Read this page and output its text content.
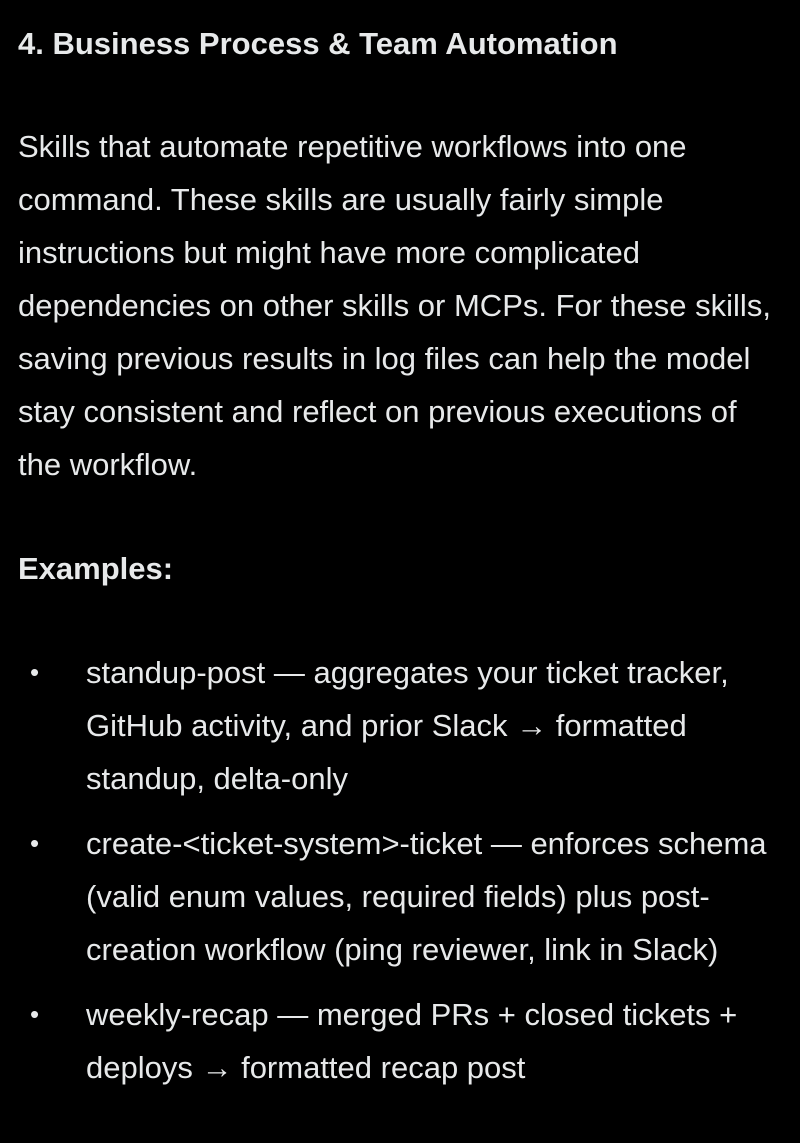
4. Business Process & Team Automation

Skills that automate repetitive workflows into one command. These skills are usually fairly simple instructions but might have more complicated dependencies on other skills or MCPs. For these skills, saving previous results in log files can help the model stay consistent and reflect on previous executions of the workflow.

Examples:

• standup-post — aggregates your ticket tracker, GitHub activity, and prior Slack → formatted standup, delta-only
• create-<ticket-system>-ticket — enforces schema (valid enum values, required fields) plus post-creation workflow (ping reviewer, link in Slack)
• weekly-recap — merged PRs + closed tickets + deploys → formatted recap post
